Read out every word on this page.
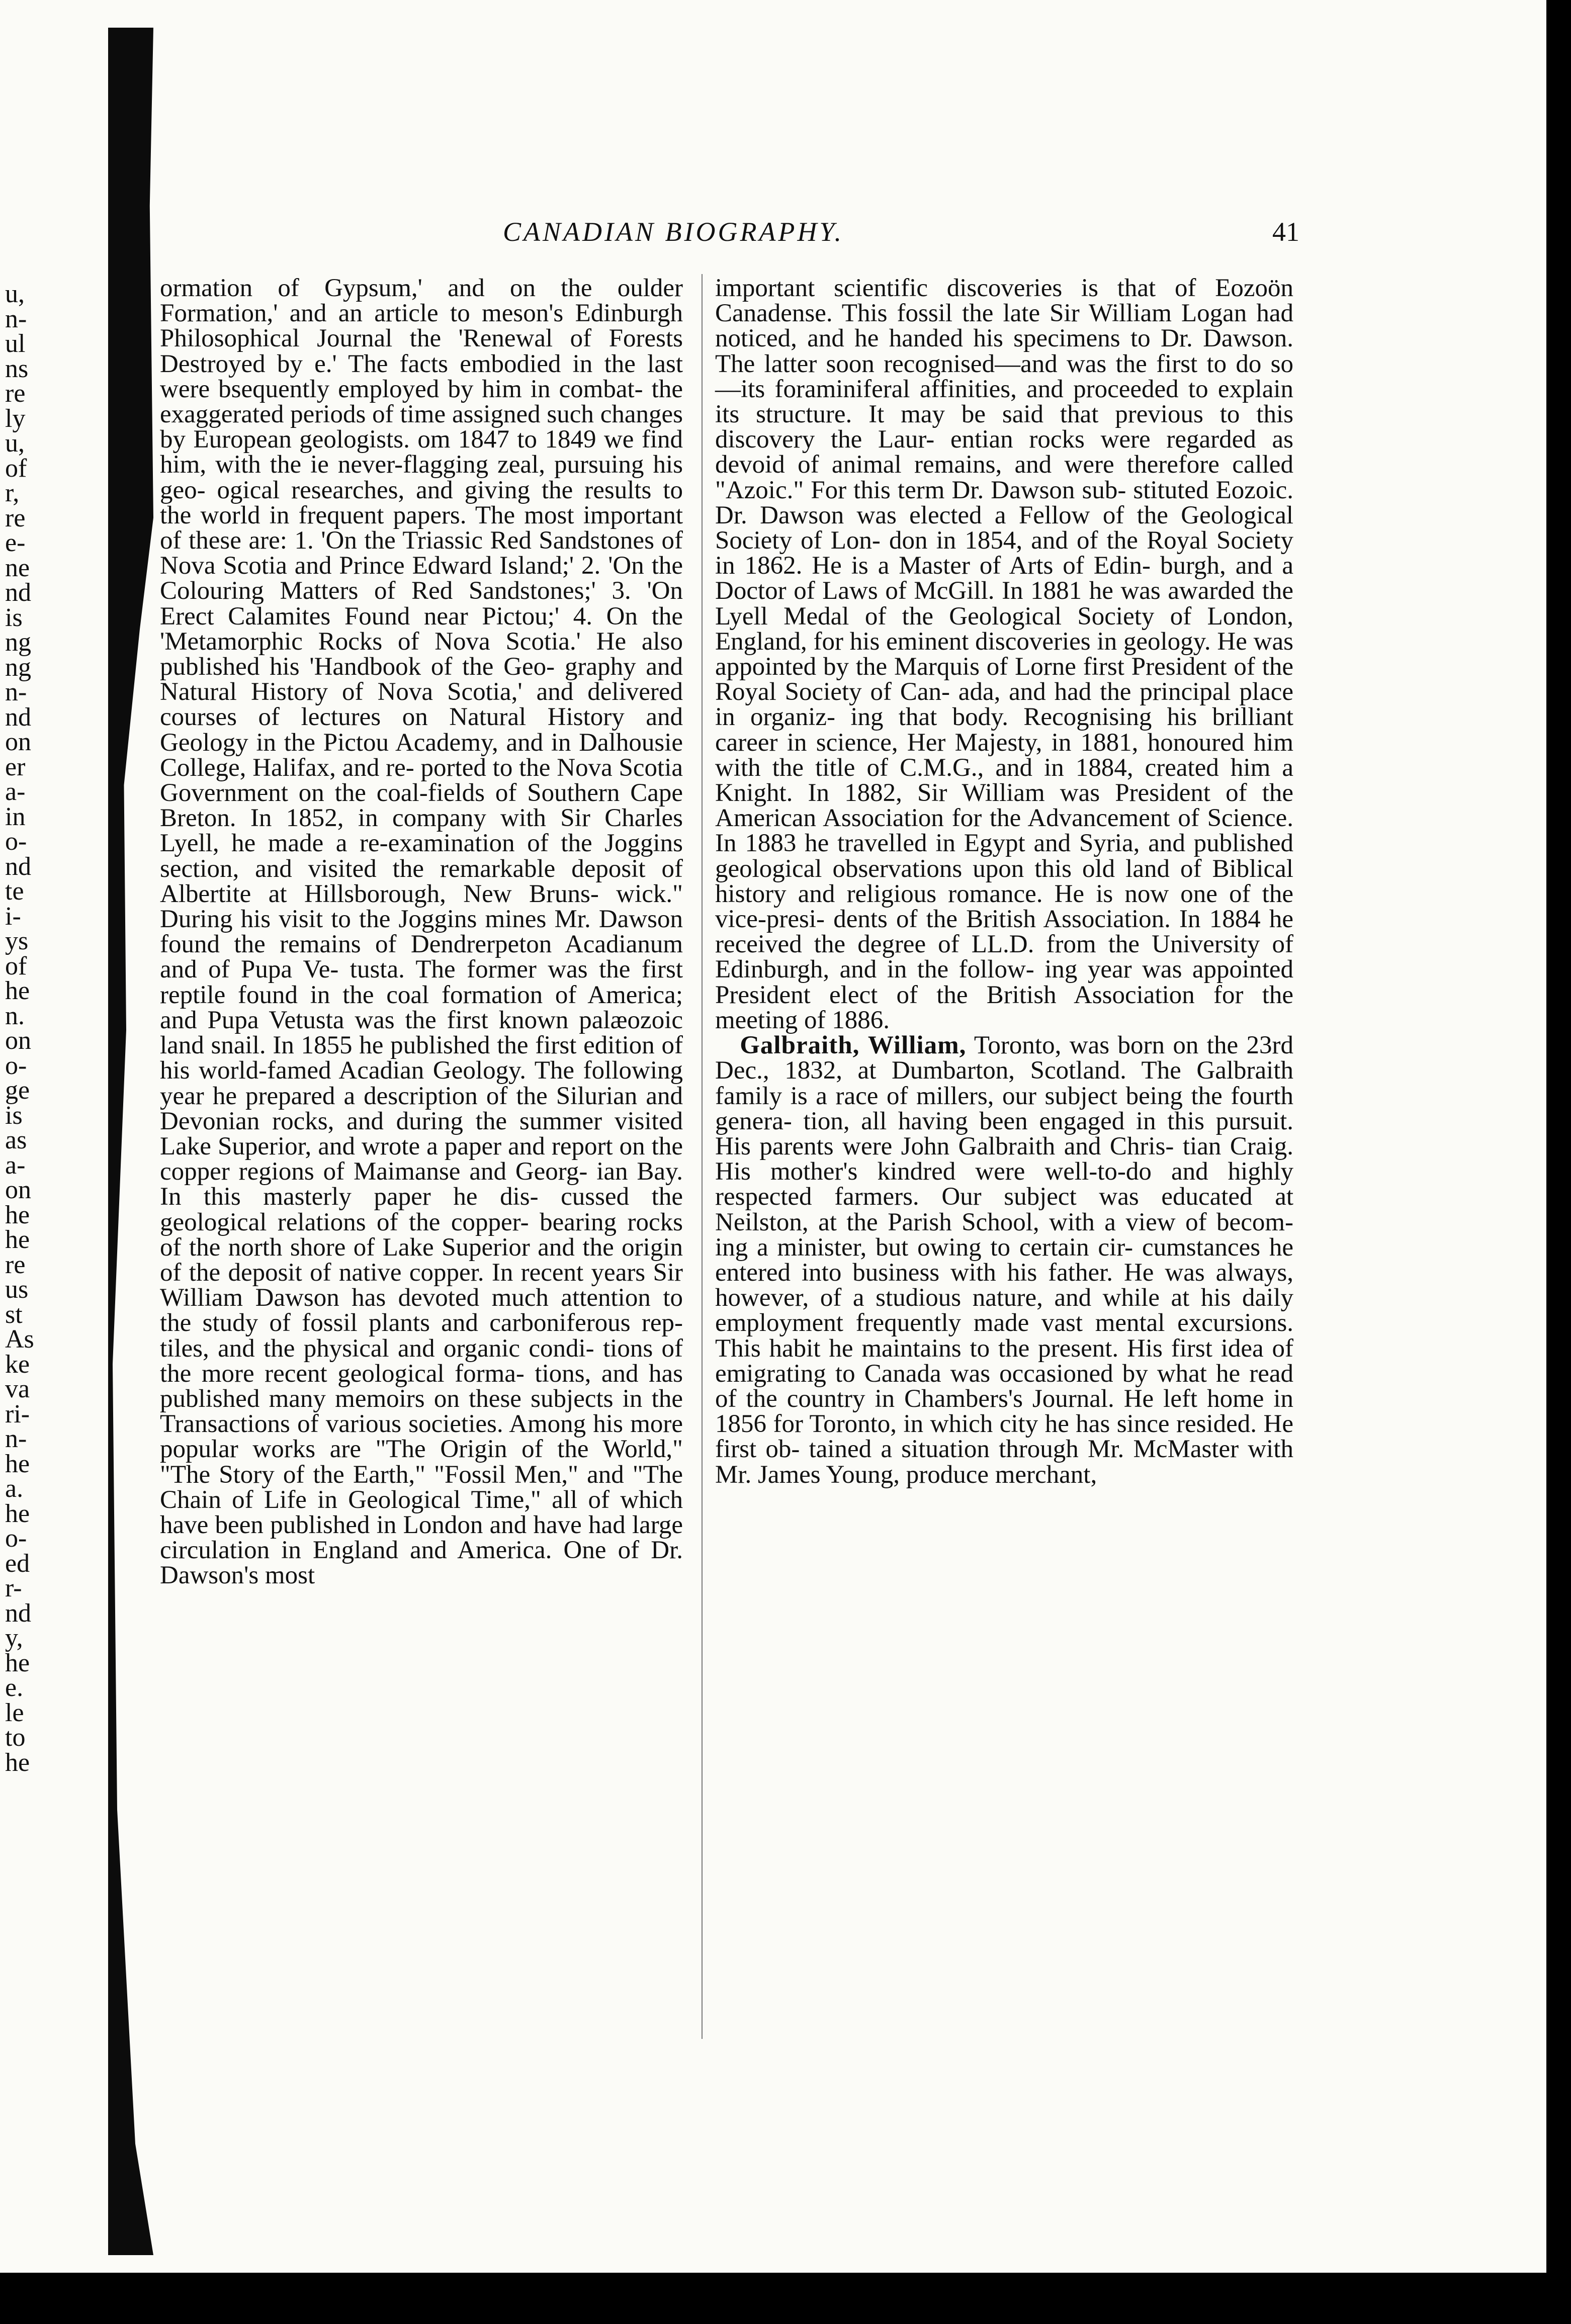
u,
n-
ul
ns
re
ly
u,
of
r,
re
e-
ne
nd
is
ng
ng
n-
nd
on
er
a-
in
o-
nd
te
i-
ys
of
he
n.
on
o-
ge
is
as
a-
on
he
he
re
us
st
As
ke
va
ri-
n-
he
a.
he
o-
ed
r-
nd
y,
he
e.
le
to
he
CANADIAN BIOGRAPHY.	41

ormation of Gypsum,' and on the oulder Formation,' and an article to meson's Edinburgh Philosophical Journal the 'Renewal of Forests Destroyed by e.' The facts embodied in the last were bsequently employed by him in combat- the exaggerated periods of time assigned such changes by European geologists. om 1847 to 1849 we find him, with the ie never-flagging zeal, pursuing his geo- ogical researches, and giving the results to the world in frequent papers. The most important of these are: 1. 'On the Triassic Red Sandstones of Nova Scotia and Prince Edward Island;' 2. 'On the Colouring Matters of Red Sandstones;' 3. 'On Erect Calamites Found near Pictou;' 4. On the 'Metamorphic Rocks of Nova Scotia.' He also published his 'Handbook of the Geo- graphy and Natural History of Nova Scotia,' and delivered courses of lectures on Natural History and Geology in the Pictou Academy, and in Dalhousie College, Halifax, and re- ported to the Nova Scotia Government on the coal-fields of Southern Cape Breton. In 1852, in company with Sir Charles Lyell, he made a re-examination of the Joggins section, and visited the remarkable deposit of Albertite at Hillsborough, New Bruns- wick." During his visit to the Joggins mines Mr. Dawson found the remains of Dendrerpeton Acadianum and of Pupa Ve- tusta. The former was the first reptile found in the coal formation of America; and Pupa Vetusta was the first known palæozoic land snail. In 1855 he published the first edition of his world-famed Acadian Geology. The following year he prepared a description of the Silurian and Devonian rocks, and during the summer visited Lake Superior, and wrote a paper and report on the copper regions of Maimanse and Georg- ian Bay. In this masterly paper he dis- cussed the geological relations of the copper- bearing rocks of the north shore of Lake Superior and the origin of the deposit of native copper. In recent years Sir William Dawson has devoted much attention to the study of fossil plants and carboniferous rep- tiles, and the physical and organic condi- tions of the more recent geological forma- tions, and has published many memoirs on these subjects in the Transactions of various societies. Among his more popular works are "The Origin of the World," "The Story of the Earth," "Fossil Men," and "The Chain of Life in Geological Time," all of which have been published in London and have had large circulation in England and America. One of Dr. Dawson's most

important scientific discoveries is that of Eozoön Canadense. This fossil the late Sir William Logan had noticed, and he handed his specimens to Dr. Dawson. The latter soon recognised—and was the first to do so —its foraminiferal affinities, and proceeded to explain its structure. It may be said that previous to this discovery the Laur- entian rocks were regarded as devoid of animal remains, and were therefore called "Azoic." For this term Dr. Dawson sub- stituted Eozoic. Dr. Dawson was elected a Fellow of the Geological Society of Lon- don in 1854, and of the Royal Society in 1862. He is a Master of Arts of Edin- burgh, and a Doctor of Laws of McGill. In 1881 he was awarded the Lyell Medal of the Geological Society of London, England, for his eminent discoveries in geology. He was appointed by the Marquis of Lorne first President of the Royal Society of Can- ada, and had the principal place in organiz- ing that body. Recognising his brilliant career in science, Her Majesty, in 1881, honoured him with the title of C.M.G., and in 1884, created him a Knight. In 1882, Sir William was President of the American Association for the Advancement of Science. In 1883 he travelled in Egypt and Syria, and published geological observations upon this old land of Biblical history and religious romance. He is now one of the vice-presi- dents of the British Association. In 1884 he received the degree of LL.D. from the University of Edinburgh, and in the follow- ing year was appointed President elect of the British Association for the meeting of 1886.

Galbraith, William, Toronto, was born on the 23rd Dec., 1832, at Dumbarton, Scotland. The Galbraith family is a race of millers, our subject being the fourth genera- tion, all having been engaged in this pursuit. His parents were John Galbraith and Chris- tian Craig. His mother's kindred were well-to-do and highly respected farmers. Our subject was educated at Neilston, at the Parish School, with a view of becom- ing a minister, but owing to certain cir- cumstances he entered into business with his father. He was always, however, of a studious nature, and while at his daily employment frequently made vast mental excursions. This habit he maintains to the present. His first idea of emigrating to Canada was occasioned by what he read of the country in Chambers's Journal. He left home in 1856 for Toronto, in which city he has since resided. He first ob- tained a situation through Mr. McMaster with Mr. James Young, produce merchant,
